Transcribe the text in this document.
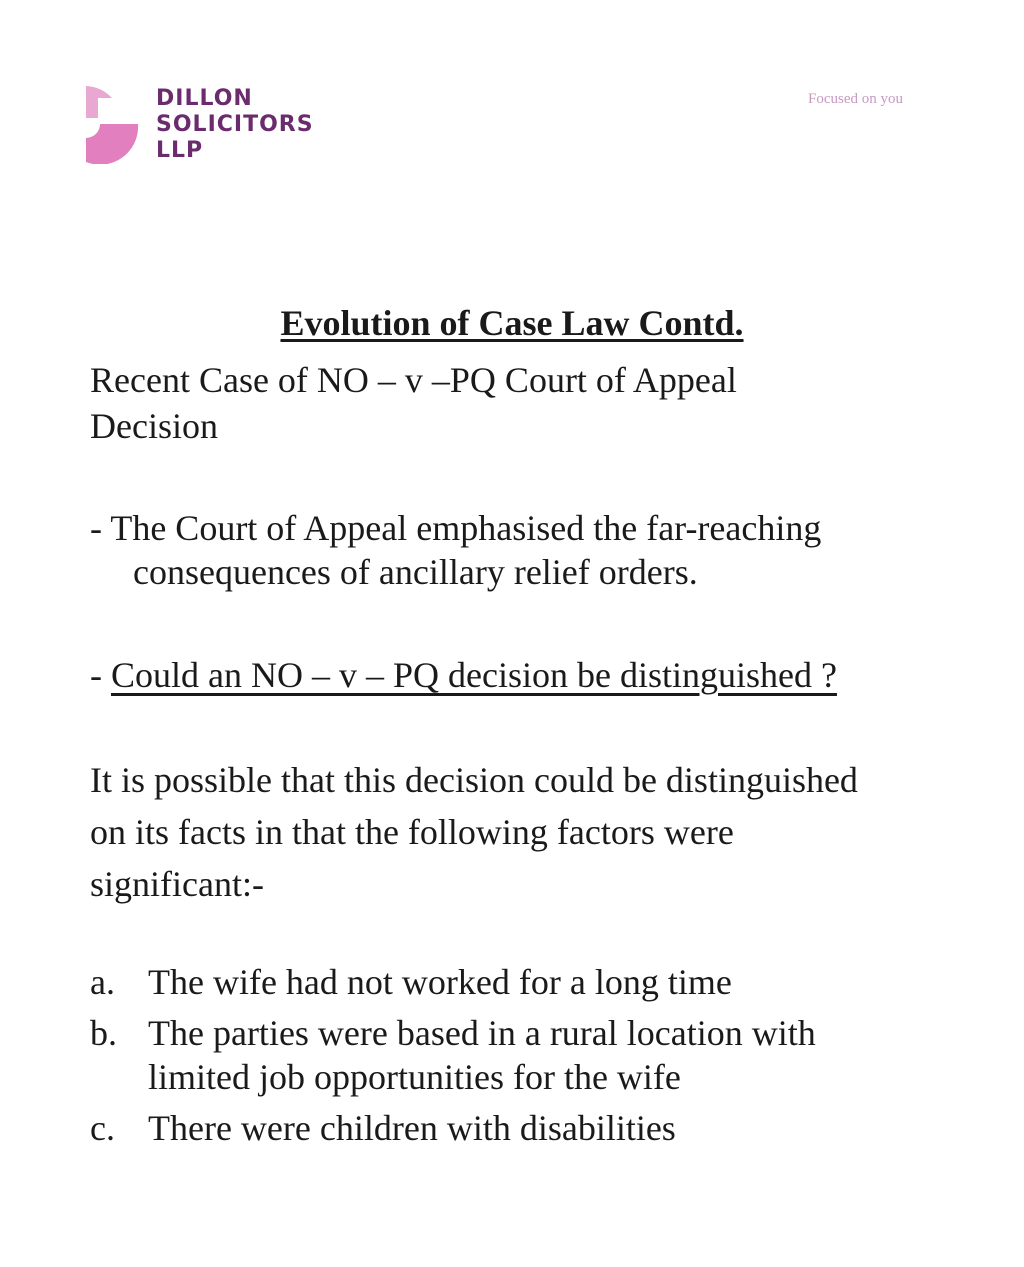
DILLON
SOLICITORS
LLP
Focused on you
Evolution of Case Law Contd.
Recent Case of NO – v –PQ Court of Appeal
Decision
- The Court of Appeal emphasised the far-reaching
consequences of ancillary relief orders.
- Could an NO – v – PQ decision be distinguished ?
It is possible that this decision could be distinguished
on its facts in that the following factors were
significant:-
a. The wife had not worked for a long time
b. The parties were based in a rural location with
limited job opportunities for the wife
c. There were children with disabilities
